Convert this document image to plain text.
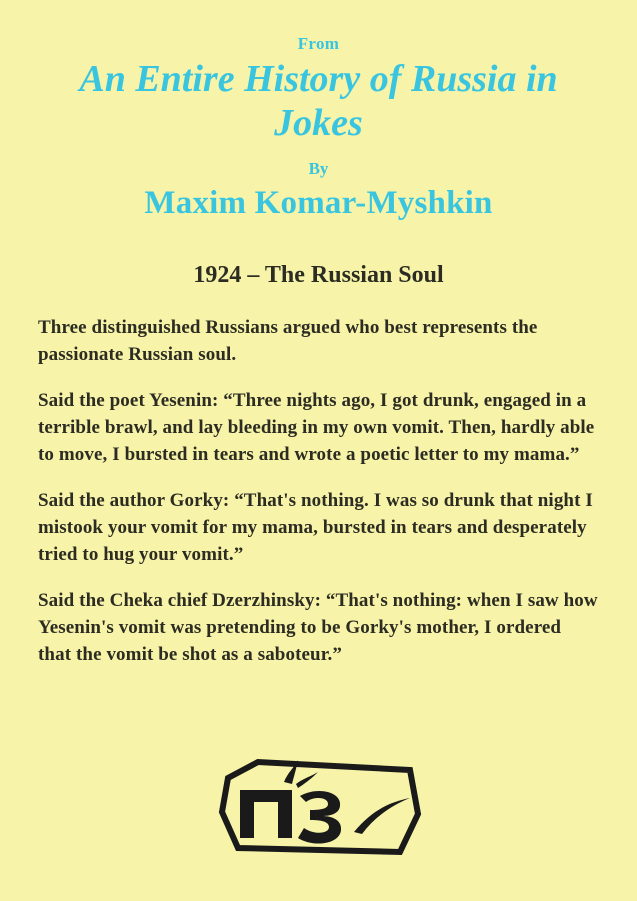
From
An Entire History of Russia in Jokes
By
Maxim Komar-Myshkin
1924 – The Russian Soul

Three distinguished Russians argued who best represents the passionate Russian soul.

Said the poet Yesenin: “Three nights ago, I got drunk, engaged in a terrible brawl, and lay bleeding in my own vomit. Then, hardly able to move, I bursted in tears and wrote a poetic letter to my mama.”

Said the author Gorky: “That's nothing. I was so drunk that night I mistook your vomit for my mama, bursted in tears and desperately tried to hug your vomit.”

Said the Cheka chief Dzerzhinsky: “That's nothing: when I saw how Yesenin's vomit was pretending to be Gorky's mother, I ordered that the vomit be shot as a saboteur.”
